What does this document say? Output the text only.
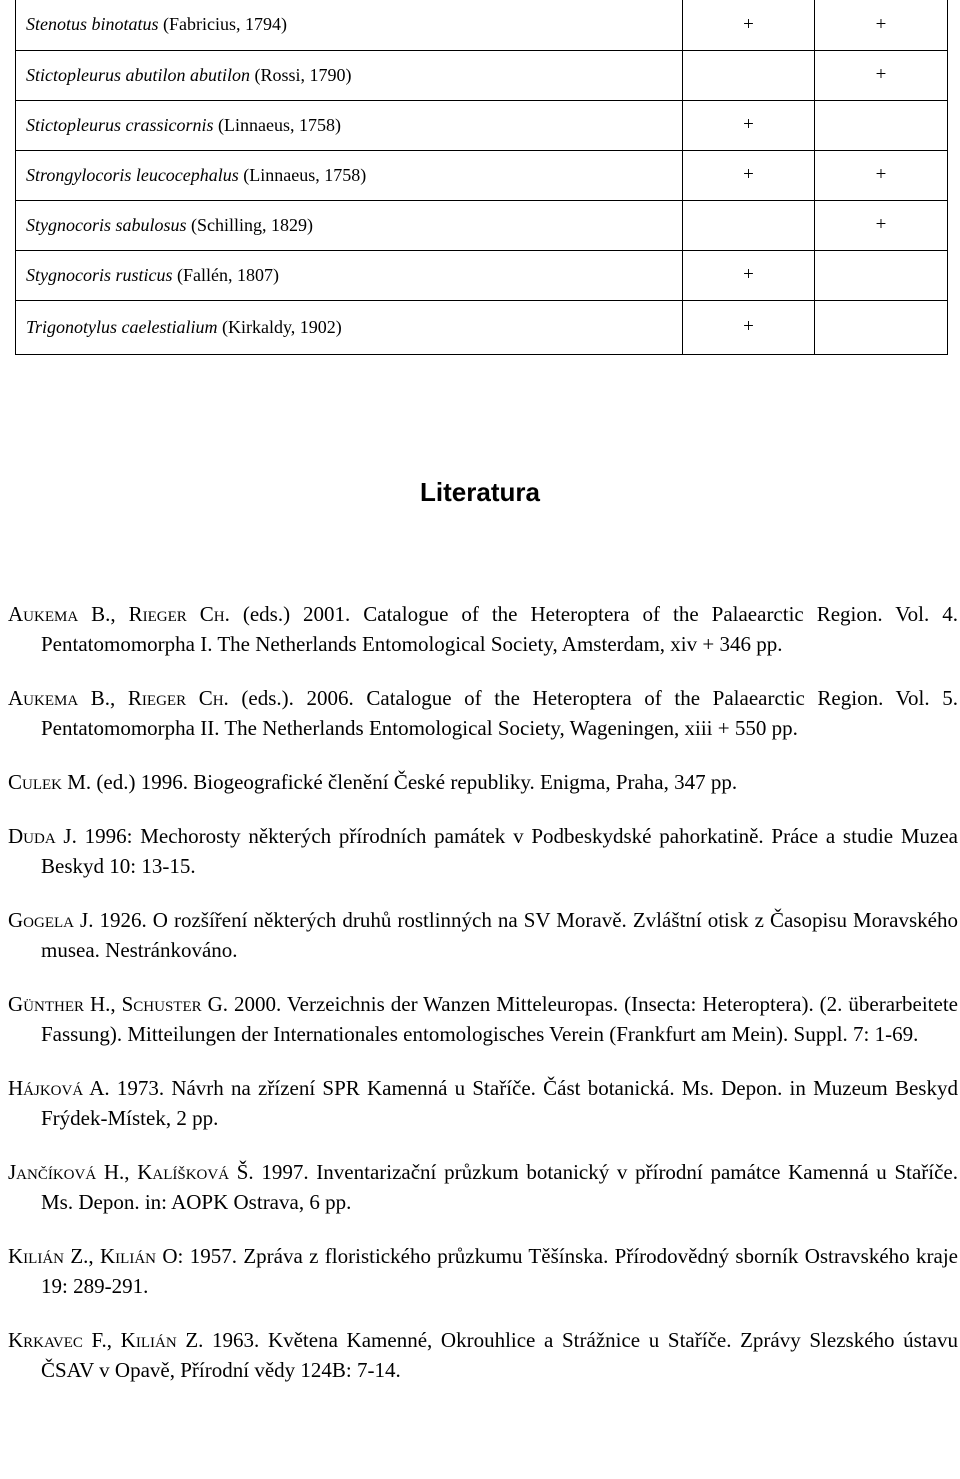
Stenotus binotatus (Fabricius, 1794)	+	+
Stictopleurus abutilon abutilon (Rossi, 1790)		+
Stictopleurus crassicornis (Linnaeus, 1758)	+	
Strongylocoris leucocephalus (Linnaeus, 1758)	+	+
Stygnocoris sabulosus (Schilling, 1829)		+
Stygnocoris rusticus (Fallén, 1807)	+	
Trigonotylus caelestialium (Kirkaldy, 1902)	+	
Literatura

Aukema B., Rieger Ch. (eds.) 2001. Catalogue of the Heteroptera of the Palaearctic Region. Vol. 4. Pentatomomorpha I. The Netherlands Entomological Society, Amsterdam, xiv + 346 pp.

Aukema B., Rieger Ch. (eds.). 2006. Catalogue of the Heteroptera of the Palaearctic Region. Vol. 5. Pentatomomorpha II. The Netherlands Entomological Society, Wageningen, xiii + 550 pp.

Culek M. (ed.) 1996. Biogeografické členění České republiky. Enigma, Praha, 347 pp.

Duda J. 1996: Mechorosty některých přírodních památek v Podbeskydské pahorkatině. Práce a studie Muzea Beskyd 10: 13-15.

Gogela J. 1926. O rozšíření některých druhů rostlinných na SV Moravě. Zvláštní otisk z Časopisu Moravského musea. Nestránkováno.

Günther H., Schuster G. 2000. Verzeichnis der Wanzen Mitteleuropas. (Insecta: Heteroptera). (2. überarbeitete Fassung). Mitteilungen der Internationales entomologisches Verein (Frankfurt am Mein). Suppl. 7: 1-69.

Hájková A. 1973. Návrh na zřízení SPR Kamenná u Staříče. Část botanická. Ms. Depon. in Muzeum Beskyd Frýdek-Místek, 2 pp.

Jančíková H., Kalíšková Š. 1997. Inventarizační průzkum botanický v přírodní památce Kamenná u Staříče. Ms. Depon. in: AOPK Ostrava, 6 pp.

Kilián Z., Kilián O: 1957. Zpráva z floristického průzkumu Těšínska. Přírodovědný sborník Ostravského kraje 19: 289-291.

Krkavec F., Kilián Z. 1963. Květena Kamenné, Okrouhlice a Strážnice u Staříče. Zprávy Slezského ústavu ČSAV v Opavě, Přírodní vědy 124B: 7-14.
